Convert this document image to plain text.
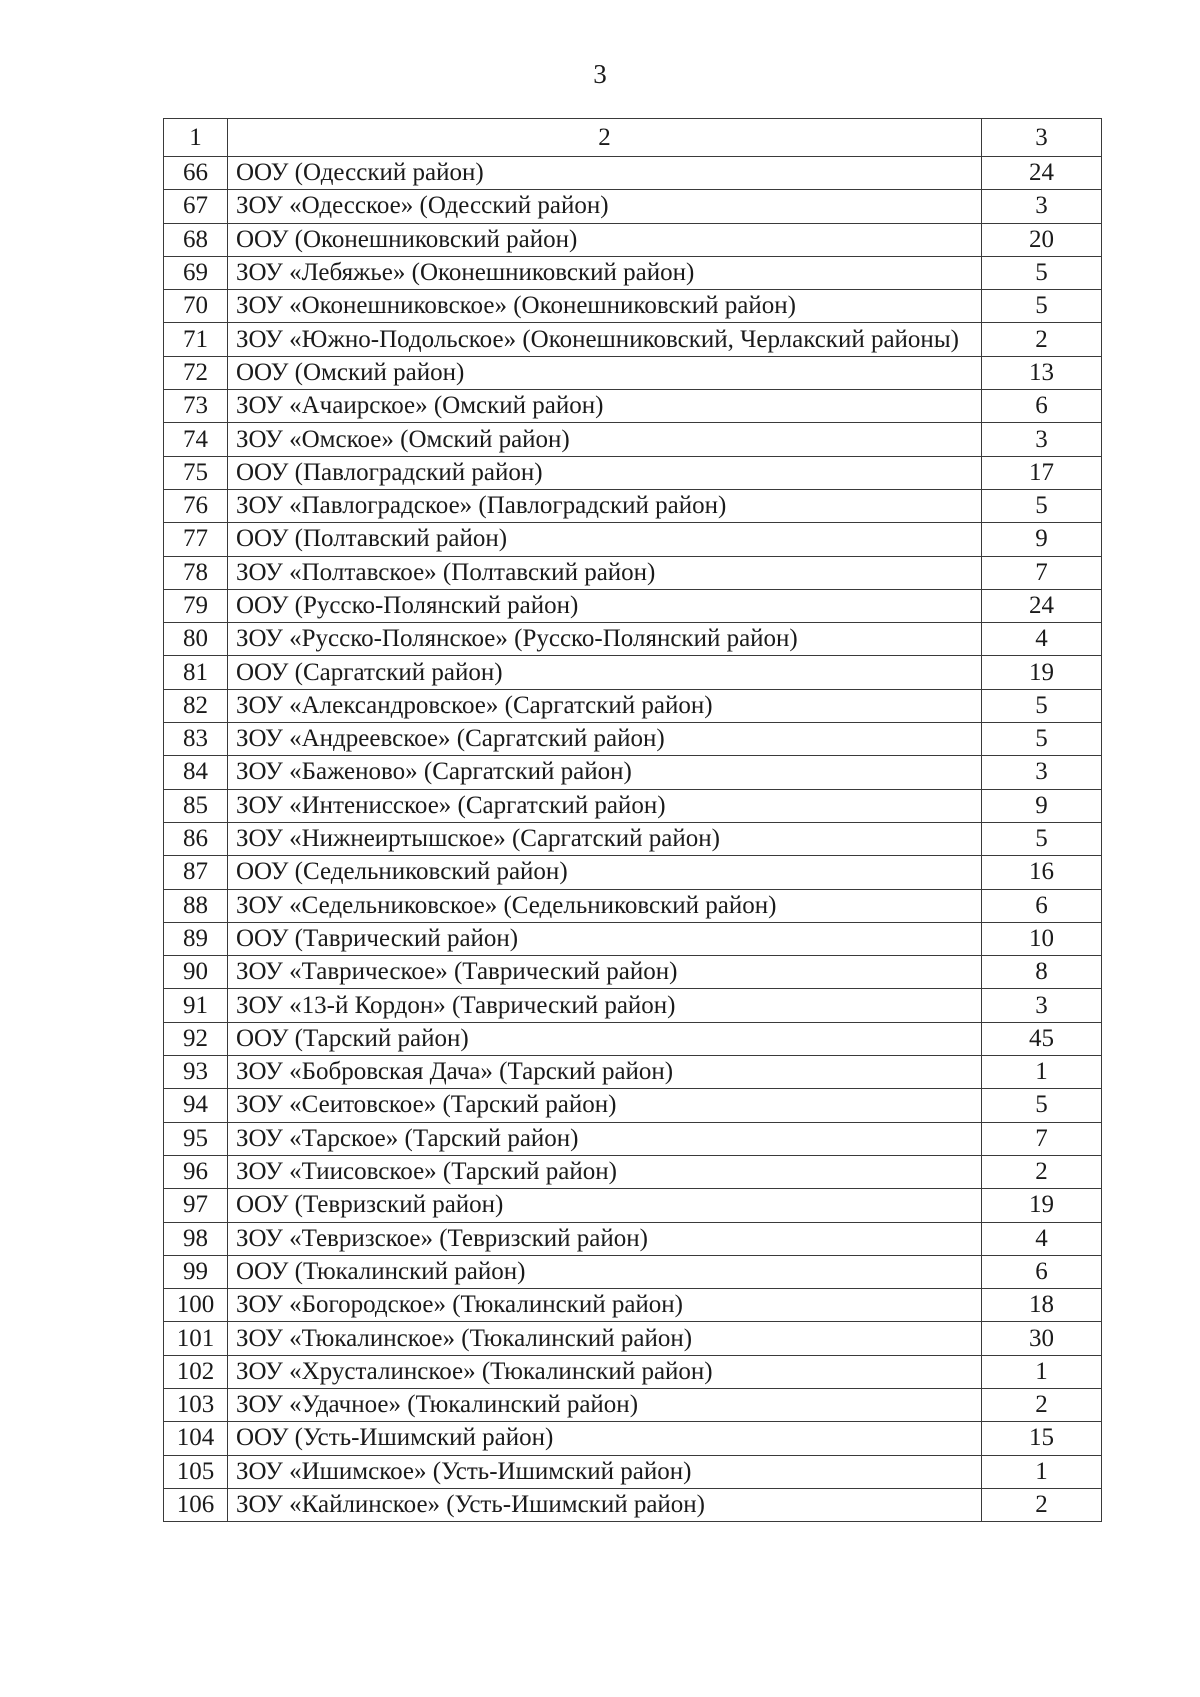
3
1	2	3
66	ООУ (Одесский район)	24
67	ЗОУ «Одесское» (Одесский район)	3
68	ООУ (Оконешниковский район)	20
69	ЗОУ «Лебяжье» (Оконешниковский район)	5
70	ЗОУ «Оконешниковское» (Оконешниковский район)	5
71	ЗОУ «Южно-Подольское» (Оконешниковский, Черлакский районы)	2
72	ООУ (Омский район)	13
73	ЗОУ «Ачаирское» (Омский район)	6
74	ЗОУ «Омское» (Омский район)	3
75	ООУ (Павлоградский район)	17
76	ЗОУ «Павлоградское» (Павлоградский район)	5
77	ООУ (Полтавский район)	9
78	ЗОУ «Полтавское» (Полтавский район)	7
79	ООУ (Русско-Полянский район)	24
80	ЗОУ «Русско-Полянское» (Русско-Полянский район)	4
81	ООУ (Саргатский район)	19
82	ЗОУ «Александровское» (Саргатский район)	5
83	ЗОУ «Андреевское» (Саргатский район)	5
84	ЗОУ «Баженово» (Саргатский район)	3
85	ЗОУ «Интенисское» (Саргатский район)	9
86	ЗОУ «Нижнеиртышское» (Саргатский район)	5
87	ООУ (Седельниковский район)	16
88	ЗОУ «Седельниковское» (Седельниковский район)	6
89	ООУ (Таврический район)	10
90	ЗОУ «Таврическое» (Таврический район)	8
91	ЗОУ «13-й Кордон» (Таврический район)	3
92	ООУ (Тарский район)	45
93	ЗОУ «Бобровская Дача» (Тарский район)	1
94	ЗОУ «Сеитовское» (Тарский район)	5
95	ЗОУ «Тарское» (Тарский район)	7
96	ЗОУ «Тиисовское» (Тарский район)	2
97	ООУ (Тевризский район)	19
98	ЗОУ «Тевризское» (Тевризский район)	4
99	ООУ (Тюкалинский район)	6
100	ЗОУ «Богородское» (Тюкалинский район)	18
101	ЗОУ «Тюкалинское» (Тюкалинский район)	30
102	ЗОУ «Хрусталинское» (Тюкалинский район)	1
103	ЗОУ «Удачное» (Тюкалинский район)	2
104	ООУ (Усть-Ишимский район)	15
105	ЗОУ «Ишимское» (Усть-Ишимский район)	1
106	ЗОУ «Кайлинское» (Усть-Ишимский район)	2
